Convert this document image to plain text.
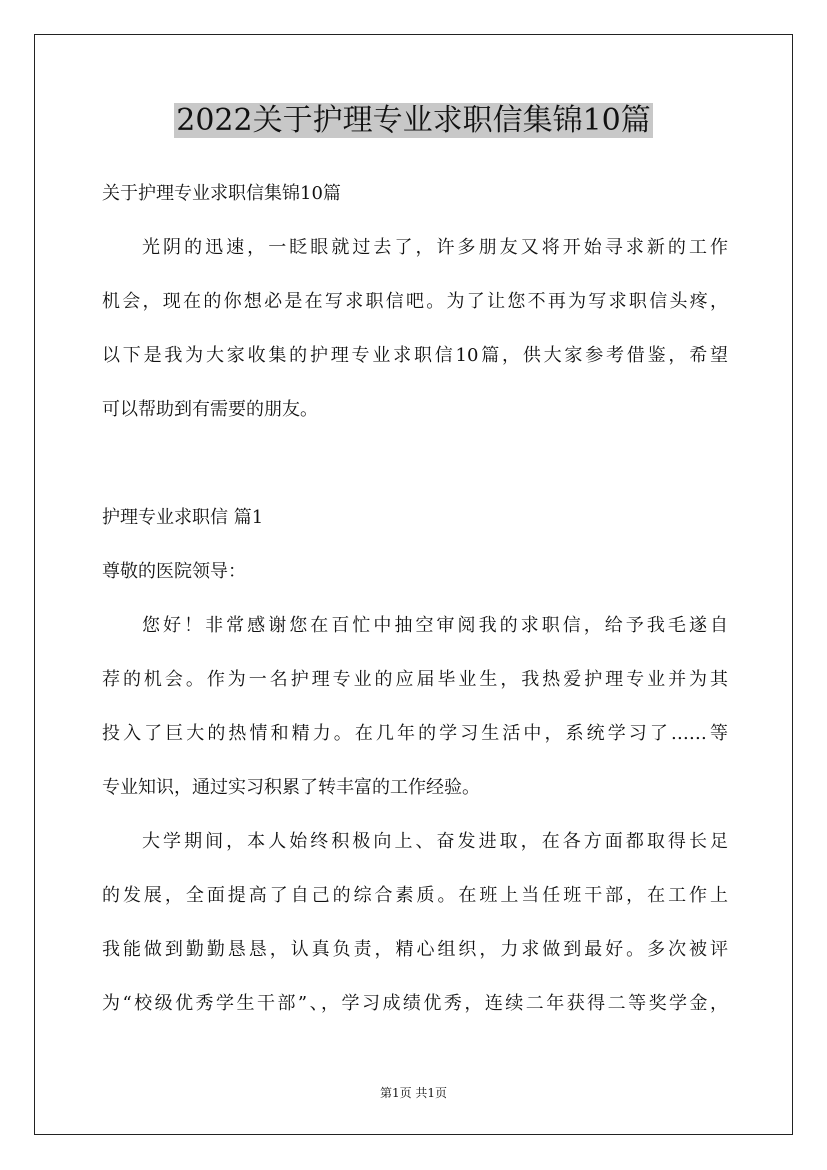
2022关于护理专业求职信集锦10篇
关于护理专业求职信集锦10篇
光阴的迅速，一眨眼就过去了，许多朋友又将开始寻求新的工作
机会，现在的你想必是在写求职信吧。为了让您不再为写求职信头疼，
以下是我为大家收集的护理专业求职信10篇，供大家参考借鉴，希望
可以帮助到有需要的朋友。
护理专业求职信 篇1
尊敬的医院领导：
您好！非常感谢您在百忙中抽空审阅我的求职信，给予我毛遂自
荐的机会。作为一名护理专业的应届毕业生，我热爱护理专业并为其
投入了巨大的热情和精力。在几年的学习生活中，系统学习了……等
专业知识，通过实习积累了转丰富的工作经验。
大学期间，本人始终积极向上、奋发进取，在各方面都取得长足
的发展，全面提高了自己的综合素质。在班上当任班干部，在工作上
我能做到勤勤恳恳，认真负责，精心组织，力求做到最好。多次被评
为“校级优秀学生干部”、，学习成绩优秀，连续二年获得二等奖学金，
第1页 共1页
